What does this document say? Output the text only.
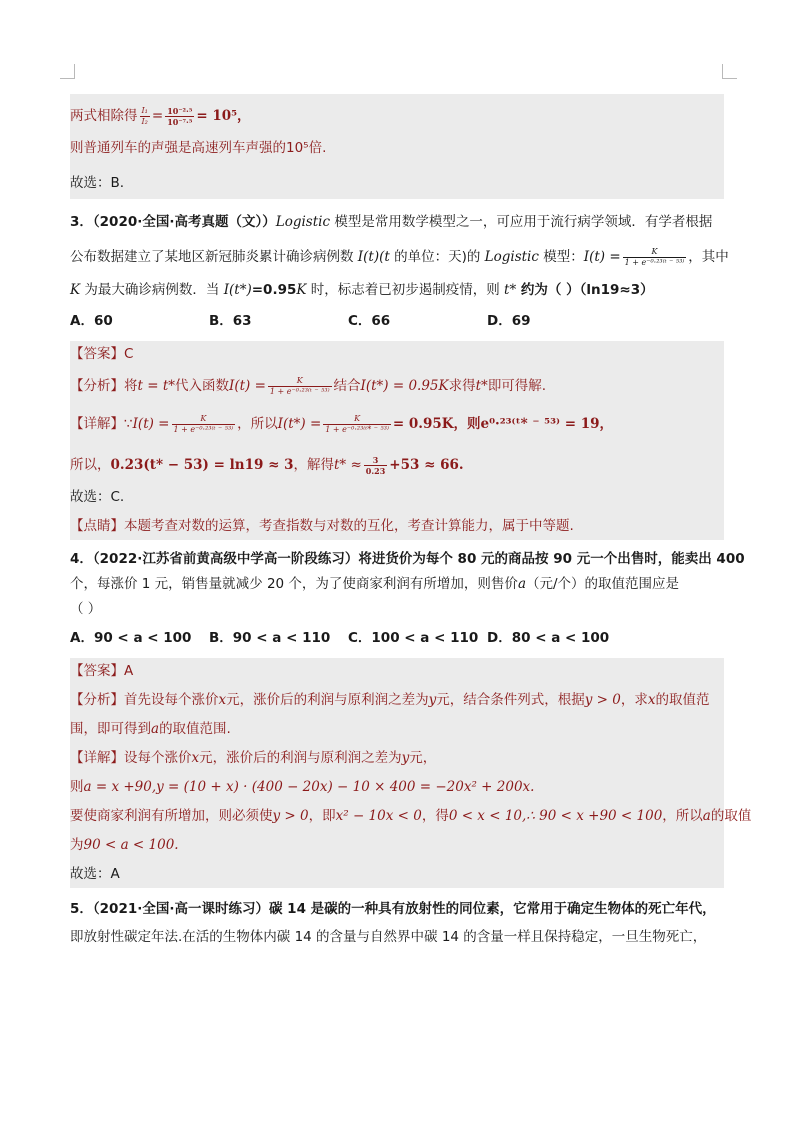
两式相除得 $\frac{\text{I₁}}{\text{I₂}} = \frac{\text{10⁻²·⁵}}{\text{10⁻⁷·⁵}} = 10^5$，
则普通列车的声强是高速列车声强的10⁵倍.
故选：B.
3．（2020·全国·高考真题（文））Logistic 模型是常用数学模型之一，可应用于流行病学领域．有学者根据
公布数据建立了某地区新冠肺炎累计确诊病例数 I(t)(t 的单位：天)的 Logistic 模型：$I(t) = \frac{K}{\text{1 + e⁻⁰·²³⁽ᵗ ⁻ ⁵³⁾}}$ ，其中
K 为最大确诊病例数．当 I(t*)=0.95K 时，标志着已初步遏制疫情，则 t* 约为（ ）（ln19≈3）
A．60	B．63	C．66	D．69
【答案】C
【分析】将t = t*代入函数$I(t) = \frac{K}{\text{1 + e⁻⁰·²³⁽ᵗ ⁻ ⁵³⁾}}$ 结合I(t*) = 0.95K求得t*即可得解.
【详解】∵I(t) = $\frac{K}{\text{1 + e⁻⁰·²³⁽ᵗ ⁻ ⁵³⁾}}$ ，所以$I(t*) = \frac{K}{\text{1 + e⁻⁰·²³⁽ᵗ* ⁻ ⁵³⁾}} = 0.95K$，则e⁰·²³⁽ᵗ* ⁻ ⁵³⁾ = 19，
所以，0.23(t* − 53) = ln19 ≈ 3，解得$t* \approx \frac{3}{0.23} +53 \approx 66$.
故选：C.
【点睛】本题考查对数的运算，考查指数与对数的互化，考查计算能力，属于中等题.
4．（2022·江苏省前黄高级中学高一阶段练习）将进货价为每个 80 元的商品按 90 元一个出售时，能卖出 400
个，每涨价 1 元，销售量就减少 20 个，为了使商家利润有所增加，则售价a（元/个）的取值范围应是
（ ）
A．90 < a < 100	B．90 < a < 110	C．100 < a < 110 D．80 < a < 100
【答案】A
【分析】首先设每个涨价x元，涨价后的利润与原利润之差为y元，结合条件列式，根据y > 0，求x的取值范
围，即可得到a的取值范围.
【详解】设每个涨价x元，涨价后的利润与原利润之差为y元，
则a = x +90,y = (10 + x) · (400 − 20x) − 10 × 400 = −20x² + 200x.
要使商家利润有所增加，则必须使y > 0，即x² − 10x < 0，得0 < x < 10,∴ 90 < x +90 < 100，所以a的取值
为90 < a < 100.
故选：A
5．（2021·全国·高一课时练习）碳 14 是碳的一种具有放射性的同位素，它常用于确定生物体的死亡年代，
即放射性碳定年法.在活的生物体内碳 14 的含量与自然界中碳 14 的含量一样且保持稳定，一旦生物死亡，
